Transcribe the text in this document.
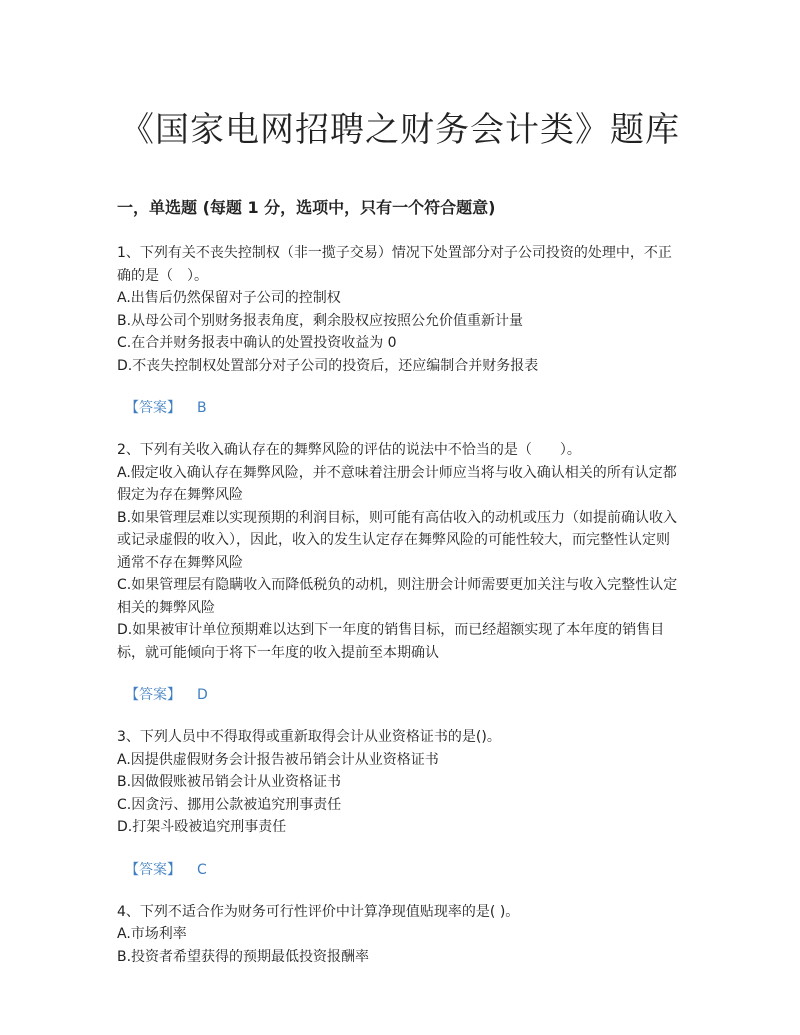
《国家电网招聘之财务会计类》题库
一，单选题 (每题 1 分，选项中，只有一个符合题意)

1、下列有关不丧失控制权（非一揽子交易）情况下处置部分对子公司投资的处理中，不正确的是（　）。

A.出售后仍然保留对子公司的控制权
B.从母公司个别财务报表角度，剩余股权应按照公允价值重新计量
C.在合并财务报表中确认的处置投资收益为 0
D.不丧失控制权处置部分对子公司的投资后，还应编制合并财务报表
【答案】 B

2、下列有关收入确认存在的舞弊风险的评估的说法中不恰当的是（　　）。

A.假定收入确认存在舞弊风险，并不意味着注册会计师应当将与收入确认相关的所有认定都假定为存在舞弊风险
B.如果管理层难以实现预期的利润目标，则可能有高估收入的动机或压力（如提前确认收入或记录虚假的收入），因此，收入的发生认定存在舞弊风险的可能性较大，而完整性认定则通常不存在舞弊风险
C.如果管理层有隐瞒收入而降低税负的动机，则注册会计师需要更加关注与收入完整性认定相关的舞弊风险
D.如果被审计单位预期难以达到下一年度的销售目标，而已经超额实现了本年度的销售目标，就可能倾向于将下一年度的收入提前至本期确认
【答案】 D

3、下列人员中不得取得或重新取得会计从业资格证书的是()。

A.因提供虚假财务会计报告被吊销会计从业资格证书
B.因做假账被吊销会计从业资格证书
C.因贪污、挪用公款被追究刑事责任
D.打架斗殴被追究刑事责任
【答案】 C

4、下列不适合作为财务可行性评价中计算净现值贴现率的是( )。

A.市场利率
B.投资者希望获得的预期最低投资报酬率
